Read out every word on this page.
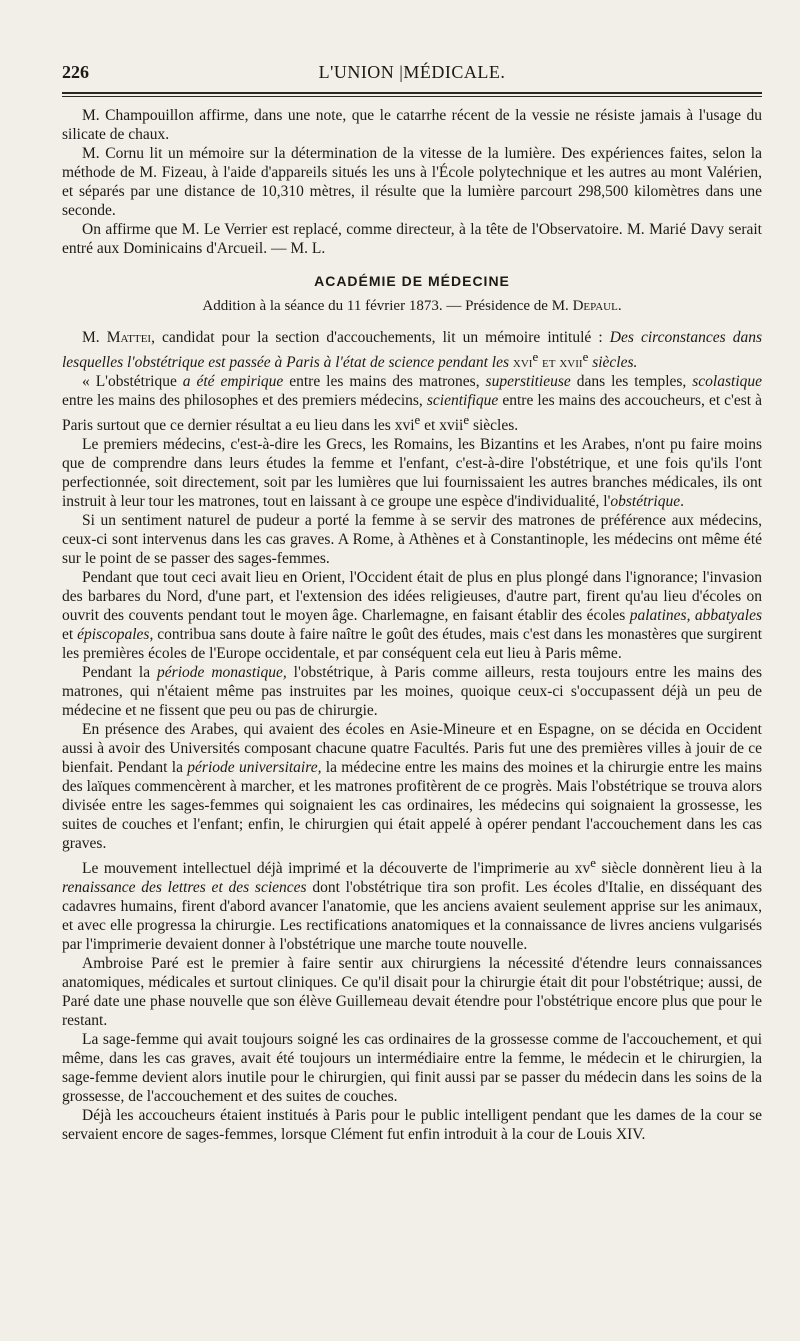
226	L'UNION |MÉDICALE.

M. Champouillon affirme, dans une note, que le catarrhe récent de la vessie ne résiste jamais à l'usage du silicate de chaux.

M. Cornu lit un mémoire sur la détermination de la vitesse de la lumière. Des expériences faites, selon la méthode de M. Fizeau, à l'aide d'appareils situés les uns à l'École polytechnique et les autres au mont Valérien, et séparés par une distance de 10,310 mètres, il résulte que la lumière parcourt 298,500 kilomètres dans une seconde.

On affirme que M. Le Verrier est replacé, comme directeur, à la tête de l'Observatoire. M. Marié Davy serait entré aux Dominicains d'Arcueil. — M. L.

ACADÉMIE DE MÉDECINE
Addition à la séance du 11 février 1873. — Présidence de M. Depaul.

M. Mattei, candidat pour la section d'accouchements, lit un mémoire intitulé : Des circonstances dans lesquelles l'obstétrique est passée à Paris à l'état de science pendant les xvi$^e$ et xvii$^e$ siècles.

« L'obstétrique a été empirique entre les mains des matrones, superstitieuse dans les temples, scolastique entre les mains des philosophes et des premiers médecins, scientifique entre les mains des accoucheurs, et c'est à Paris surtout que ce dernier résultat a eu lieu dans les xvi$^e$ et xvii$^e$ siècles.

Le premiers médecins, c'est-à-dire les Grecs, les Romains, les Bizantins et les Arabes, n'ont pu faire moins que de comprendre dans leurs études la femme et l'enfant, c'est-à-dire l'obstétrique, et une fois qu'ils l'ont perfectionnée, soit directement, soit par les lumières que lui fournissaient les autres branches médicales, ils ont instruit à leur tour les matrones, tout en laissant à ce groupe une espèce d'individualité, l'obstétrique.

Si un sentiment naturel de pudeur a porté la femme à se servir des matrones de préférence aux médecins, ceux-ci sont intervenus dans les cas graves. A Rome, à Athènes et à Constantinople, les médecins ont même été sur le point de se passer des sages-femmes.

Pendant que tout ceci avait lieu en Orient, l'Occident était de plus en plus plongé dans l'ignorance; l'invasion des barbares du Nord, d'une part, et l'extension des idées religieuses, d'autre part, firent qu'au lieu d'écoles on ouvrit des couvents pendant tout le moyen âge. Charlemagne, en faisant établir des écoles palatines, abbatyales et épiscopales, contribua sans doute à faire naître le goût des études, mais c'est dans les monastères que surgirent les premières écoles de l'Europe occidentale, et par conséquent cela eut lieu à Paris même.

Pendant la période monastique, l'obstétrique, à Paris comme ailleurs, resta toujours entre les mains des matrones, qui n'étaient même pas instruites par les moines, quoique ceux-ci s'occupassent déjà un peu de médecine et ne fissent que peu ou pas de chirurgie.

En présence des Arabes, qui avaient des écoles en Asie-Mineure et en Espagne, on se décida en Occident aussi à avoir des Universités composant chacune quatre Facultés. Paris fut une des premières villes à jouir de ce bienfait. Pendant la période universitaire, la médecine entre les mains des moines et la chirurgie entre les mains des laïques commencèrent à marcher, et les matrones profitèrent de ce progrès. Mais l'obstétrique se trouva alors divisée entre les sages-femmes qui soignaient les cas ordinaires, les médecins qui soignaient la grossesse, les suites de couches et l'enfant; enfin, le chirurgien qui était appelé à opérer pendant l'accouchement dans les cas graves.

Le mouvement intellectuel déjà imprimé et la découverte de l'imprimerie au $xv^e$ siècle donnèrent lieu à la renaissance des lettres et des sciences dont l'obstétrique tira son profit. Les écoles d'Italie, en disséquant des cadavres humains, firent d'abord avancer l'anatomie, que les anciens avaient seulement apprise sur les animaux, et avec elle progressa la chirurgie. Les rectifications anatomiques et la connaissance de livres anciens vulgarisés par l'imprimerie devaient donner à l'obstétrique une marche toute nouvelle.

Ambroise Paré est le premier à faire sentir aux chirurgiens la nécessité d'étendre leurs connaissances anatomiques, médicales et surtout cliniques. Ce qu'il disait pour la chirurgie était dit pour l'obstétrique; aussi, de Paré date une phase nouvelle que son élève Guillemeau devait étendre pour l'obstétrique encore plus que pour le restant.

La sage-femme qui avait toujours soigné les cas ordinaires de la grossesse comme de l'accouchement, et qui même, dans les cas graves, avait été toujours un intermédiaire entre la femme, le médecin et le chirurgien, la sage-femme devient alors inutile pour le chirurgien, qui finit aussi par se passer du médecin dans les soins de la grossesse, de l'accouchement et des suites de couches.

Déjà les accoucheurs étaient institués à Paris pour le public intelligent pendant que les dames de la cour se servaient encore de sages-femmes, lorsque Clément fut enfin introduit à la cour de Louis XIV.
